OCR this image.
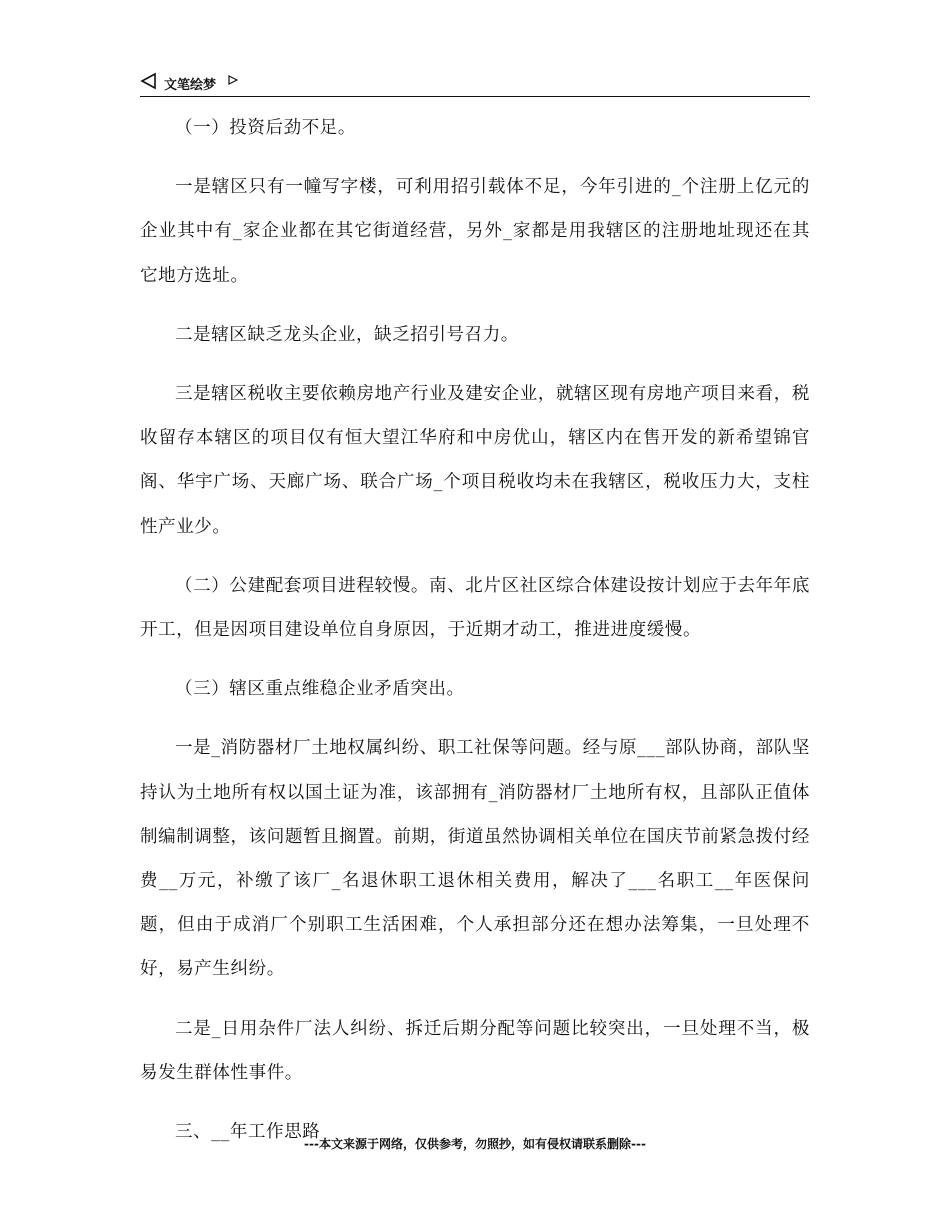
文笔绘梦

（一）投资后劲不足。

一是辖区只有一幢写字楼，可利用招引载体不足，今年引进的_个注册上亿元的企业其中有_家企业都在其它街道经营，另外_家都是用我辖区的注册地址现还在其它地方选址。

二是辖区缺乏龙头企业，缺乏招引号召力。

三是辖区税收主要依赖房地产行业及建安企业，就辖区现有房地产项目来看，税收留存本辖区的项目仅有恒大望江华府和中房优山，辖区内在售开发的新希望锦官阁、华宇广场、天廊广场、联合广场_个项目税收均未在我辖区，税收压力大，支柱性产业少。

（二）公建配套项目进程较慢。南、北片区社区综合体建设按计划应于去年年底开工，但是因项目建设单位自身原因，于近期才动工，推进进度缓慢。

（三）辖区重点维稳企业矛盾突出。

一是_消防器材厂土地权属纠纷、职工社保等问题。经与原___部队协商，部队坚持认为土地所有权以国土证为准，该部拥有_消防器材厂土地所有权，且部队正值体制编制调整，该问题暂且搁置。前期，街道虽然协调相关单位在国庆节前紧急拨付经费__万元，补缴了该厂_名退休职工退休相关费用，解决了___名职工__年医保问题，但由于成消厂个别职工生活困难，个人承担部分还在想办法筹集，一旦处理不好，易产生纠纷。

二是_日用杂件厂法人纠纷、拆迁后期分配等问题比较突出，一旦处理不当，极易发生群体性事件。

三、__年工作思路

---本文来源于网络，仅供参考，勿照抄，如有侵权请联系删除---
